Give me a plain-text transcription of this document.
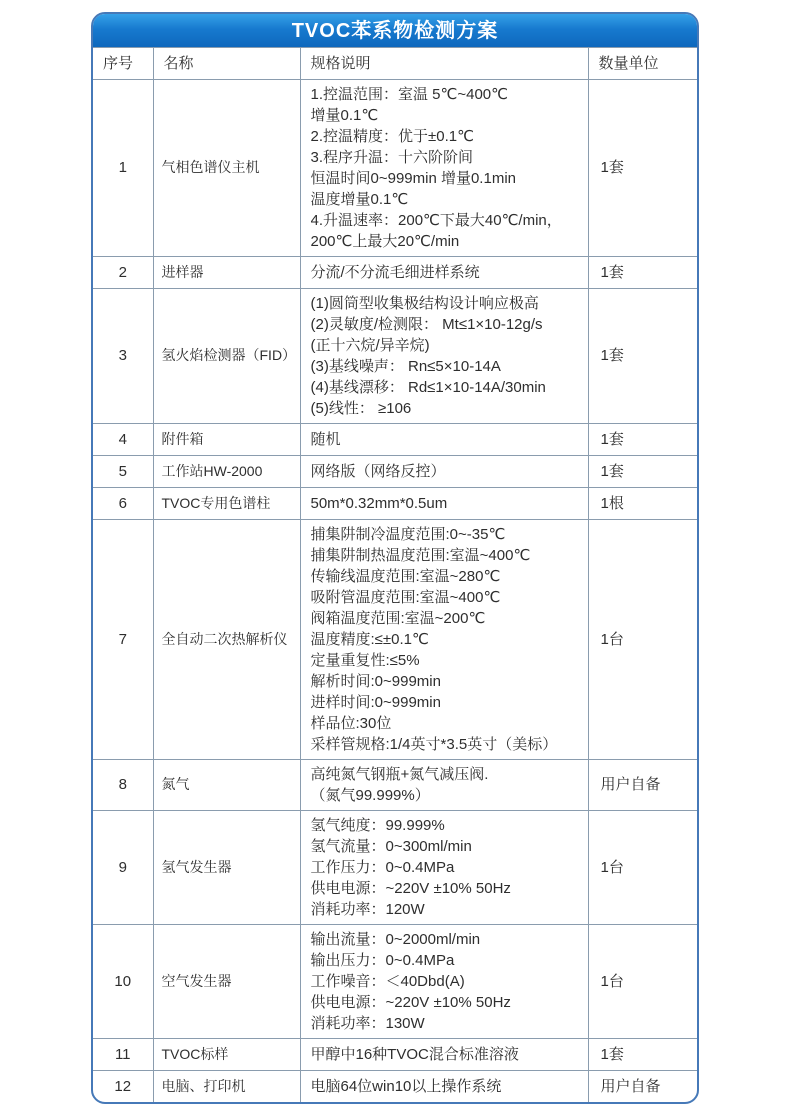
TVOC苯系物检测方案
序号	名称	规格说明	数量单位
1	气相色谱仪主机	
1.控温范围：室温 5℃~400℃
增量0.1℃
2.控温精度：优于±0.1℃
3.程序升温：十六阶阶间
恒温时间0~999min 增量0.1min
温度增量0.1℃
4.升温速率：200℃下最大40℃/min，
200℃上最大20℃/min
	1套
2	进样器	分流/不分流毛细进样系统	1套
3	氢火焰检测器（FID）	
(1)圆筒型收集极结构设计响应极高
(2)灵敏度/检测限： Mt≤1×10-12g/s
(正十六烷/异辛烷)
(3)基线噪声： Rn≤5×10-14A
(4)基线漂移： Rd≤1×10-14A/30min
(5)线性： ≥106
	1套
4	附件箱	随机	1套
5	工作站HW-2000	网络版（网络反控）	1套
6	TVOC专用色谱柱	50m*0.32mm*0.5um	1根
7	全自动二次热解析仪	
捕集阱制冷温度范围:0~-35℃
捕集阱制热温度范围:室温~400℃
传输线温度范围:室温~280℃
吸附管温度范围:室温~400℃
阀箱温度范围:室温~200℃
温度精度:≤±0.1℃
定量重复性:≤5%
解析时间:0~999min
进样时间:0~999min
样品位:30位
采样管规格:1/4英寸*3.5英寸（美标）
	1台
8	氮气	高纯氮气钢瓶+氮气减压阀.
（氮气99.999%）	用户自备
9	氢气发生器	氢气纯度：99.999%
氢气流量：0~300ml/min
工作压力：0~0.4MPa
供电电源：~220V ±10% 50Hz
消耗功率：120W	1台
10	空气发生器	输出流量：0~2000ml/min
输出压力：0~0.4MPa
工作噪音：＜40Dbd(A)
供电电源：~220V ±10% 50Hz
消耗功率：130W	1台
11	TVOC标样	甲醇中16种TVOC混合标准溶液	1套
12	电脑、打印机	电脑64位win10以上操作系统	用户自备
